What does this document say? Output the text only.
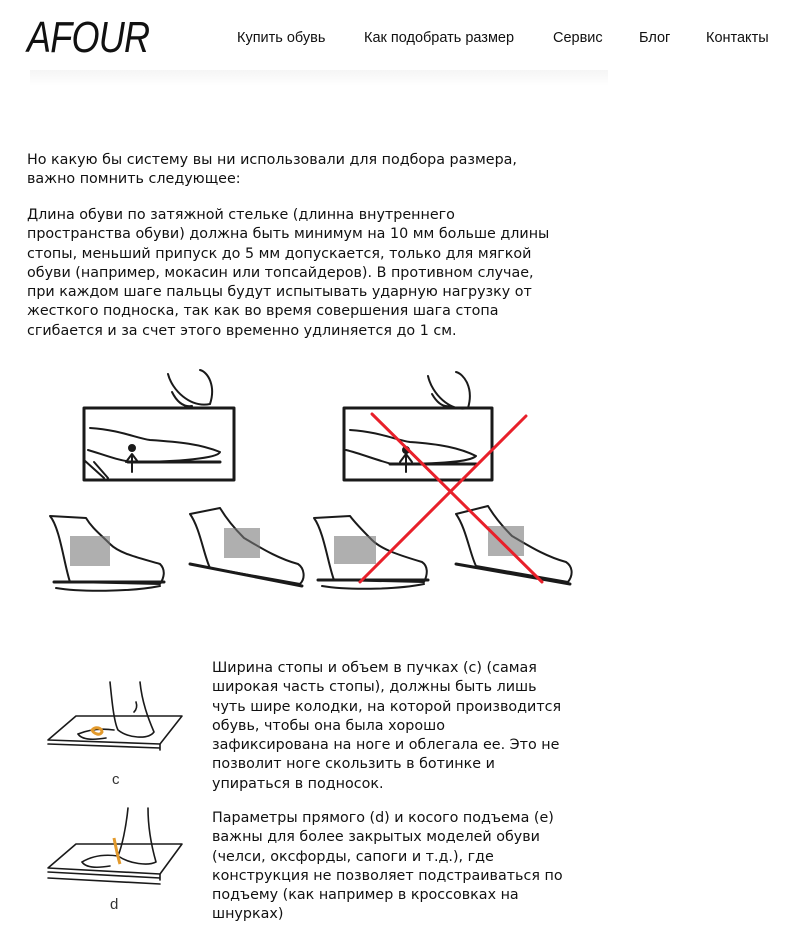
AFOUR	Купить обувь	Как подобрать размер	Сервис	Блог Контакты

Но какую бы систему вы ни использовали для подбора размера,
важно помнить следующее:

Длина обуви по затяжной стельке (длинна внутреннего
пространства обуви) должна быть минимум на 10 мм больше длины
стопы, меньший припуск до 5 мм допускается, только для мягкой
обуви (например, мокасин или топсайдеров). В противном случае,
при каждом шаге пальцы будут испытывать ударную нагрузку от
жесткого подноска, так как во время совершения шага стопа
сгибается и за счет этого временно удлиняется до 1 см.

c
d

Ширина стопы и объем в пучках (с) (самая
широкая часть стопы), должны быть лишь
чуть шире колодки, на которой производится
обувь, чтобы она была хорошо
зафиксирована на ноге и облегала ее. Это не
позволит ноге скользить в ботинке и
упираться в подносок.

Параметры прямого (d) и косого подъема (e)
важны для более закрытых моделей обуви
(челси, оксфорды, сапоги и т.д.), где
конструкция не позволяет подстраиваться по
подъему (как например в кроссовках на
шнурках)
